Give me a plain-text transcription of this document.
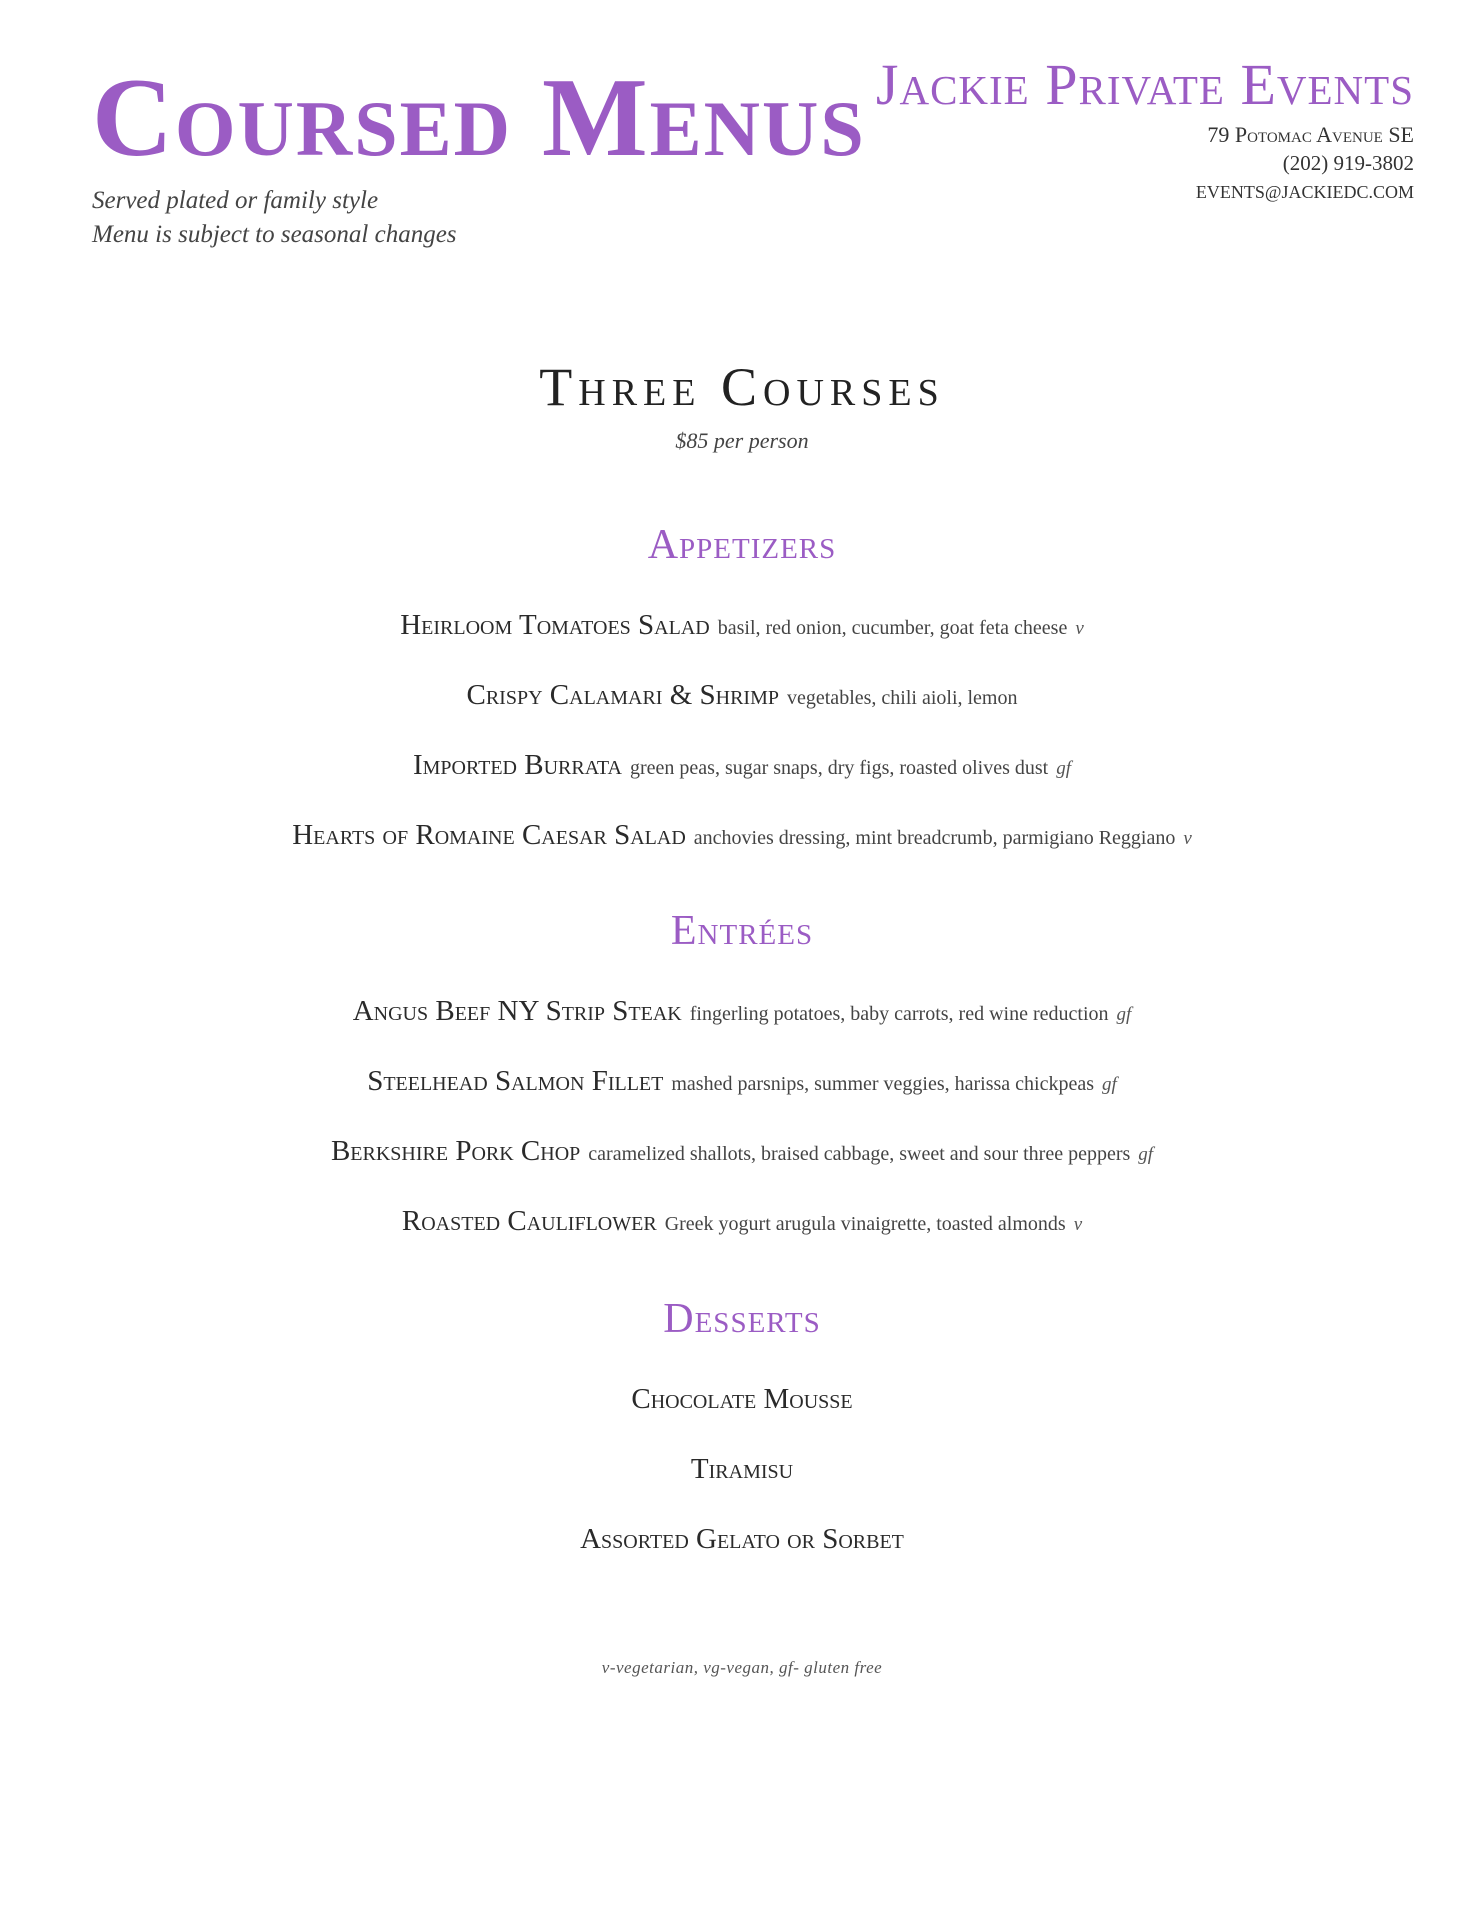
Coursed Menus
Served plated or family style
Menu is subject to seasonal changes
Jackie Private Events
79 Potomac Avenue SE
(202) 919-3802
EVENTS@JACKIEDC.COM
Three Courses
$85 per person
Appetizers
Heirloom Tomatoes Salad basil, red onion, cucumber, goat feta cheese v
Crispy Calamari & Shrimp vegetables, chili aioli, lemon
Imported Burrata green peas, sugar snaps, dry figs, roasted olives dust gf
Hearts of Romaine Caesar Salad anchovies dressing, mint breadcrumb, parmigiano Reggiano v
Entrées
Angus Beef NY Strip Steak fingerling potatoes, baby carrots, red wine reduction gf
Steelhead Salmon Fillet mashed parsnips, summer veggies, harissa chickpeas gf
Berkshire Pork Chop caramelized shallots, braised cabbage, sweet and sour three peppers gf
Roasted Cauliflower Greek yogurt arugula vinaigrette, toasted almonds v
Desserts
Chocolate Mousse
Tiramisu
Assorted Gelato or Sorbet
v-vegetarian, vg-vegan, gf- gluten free
